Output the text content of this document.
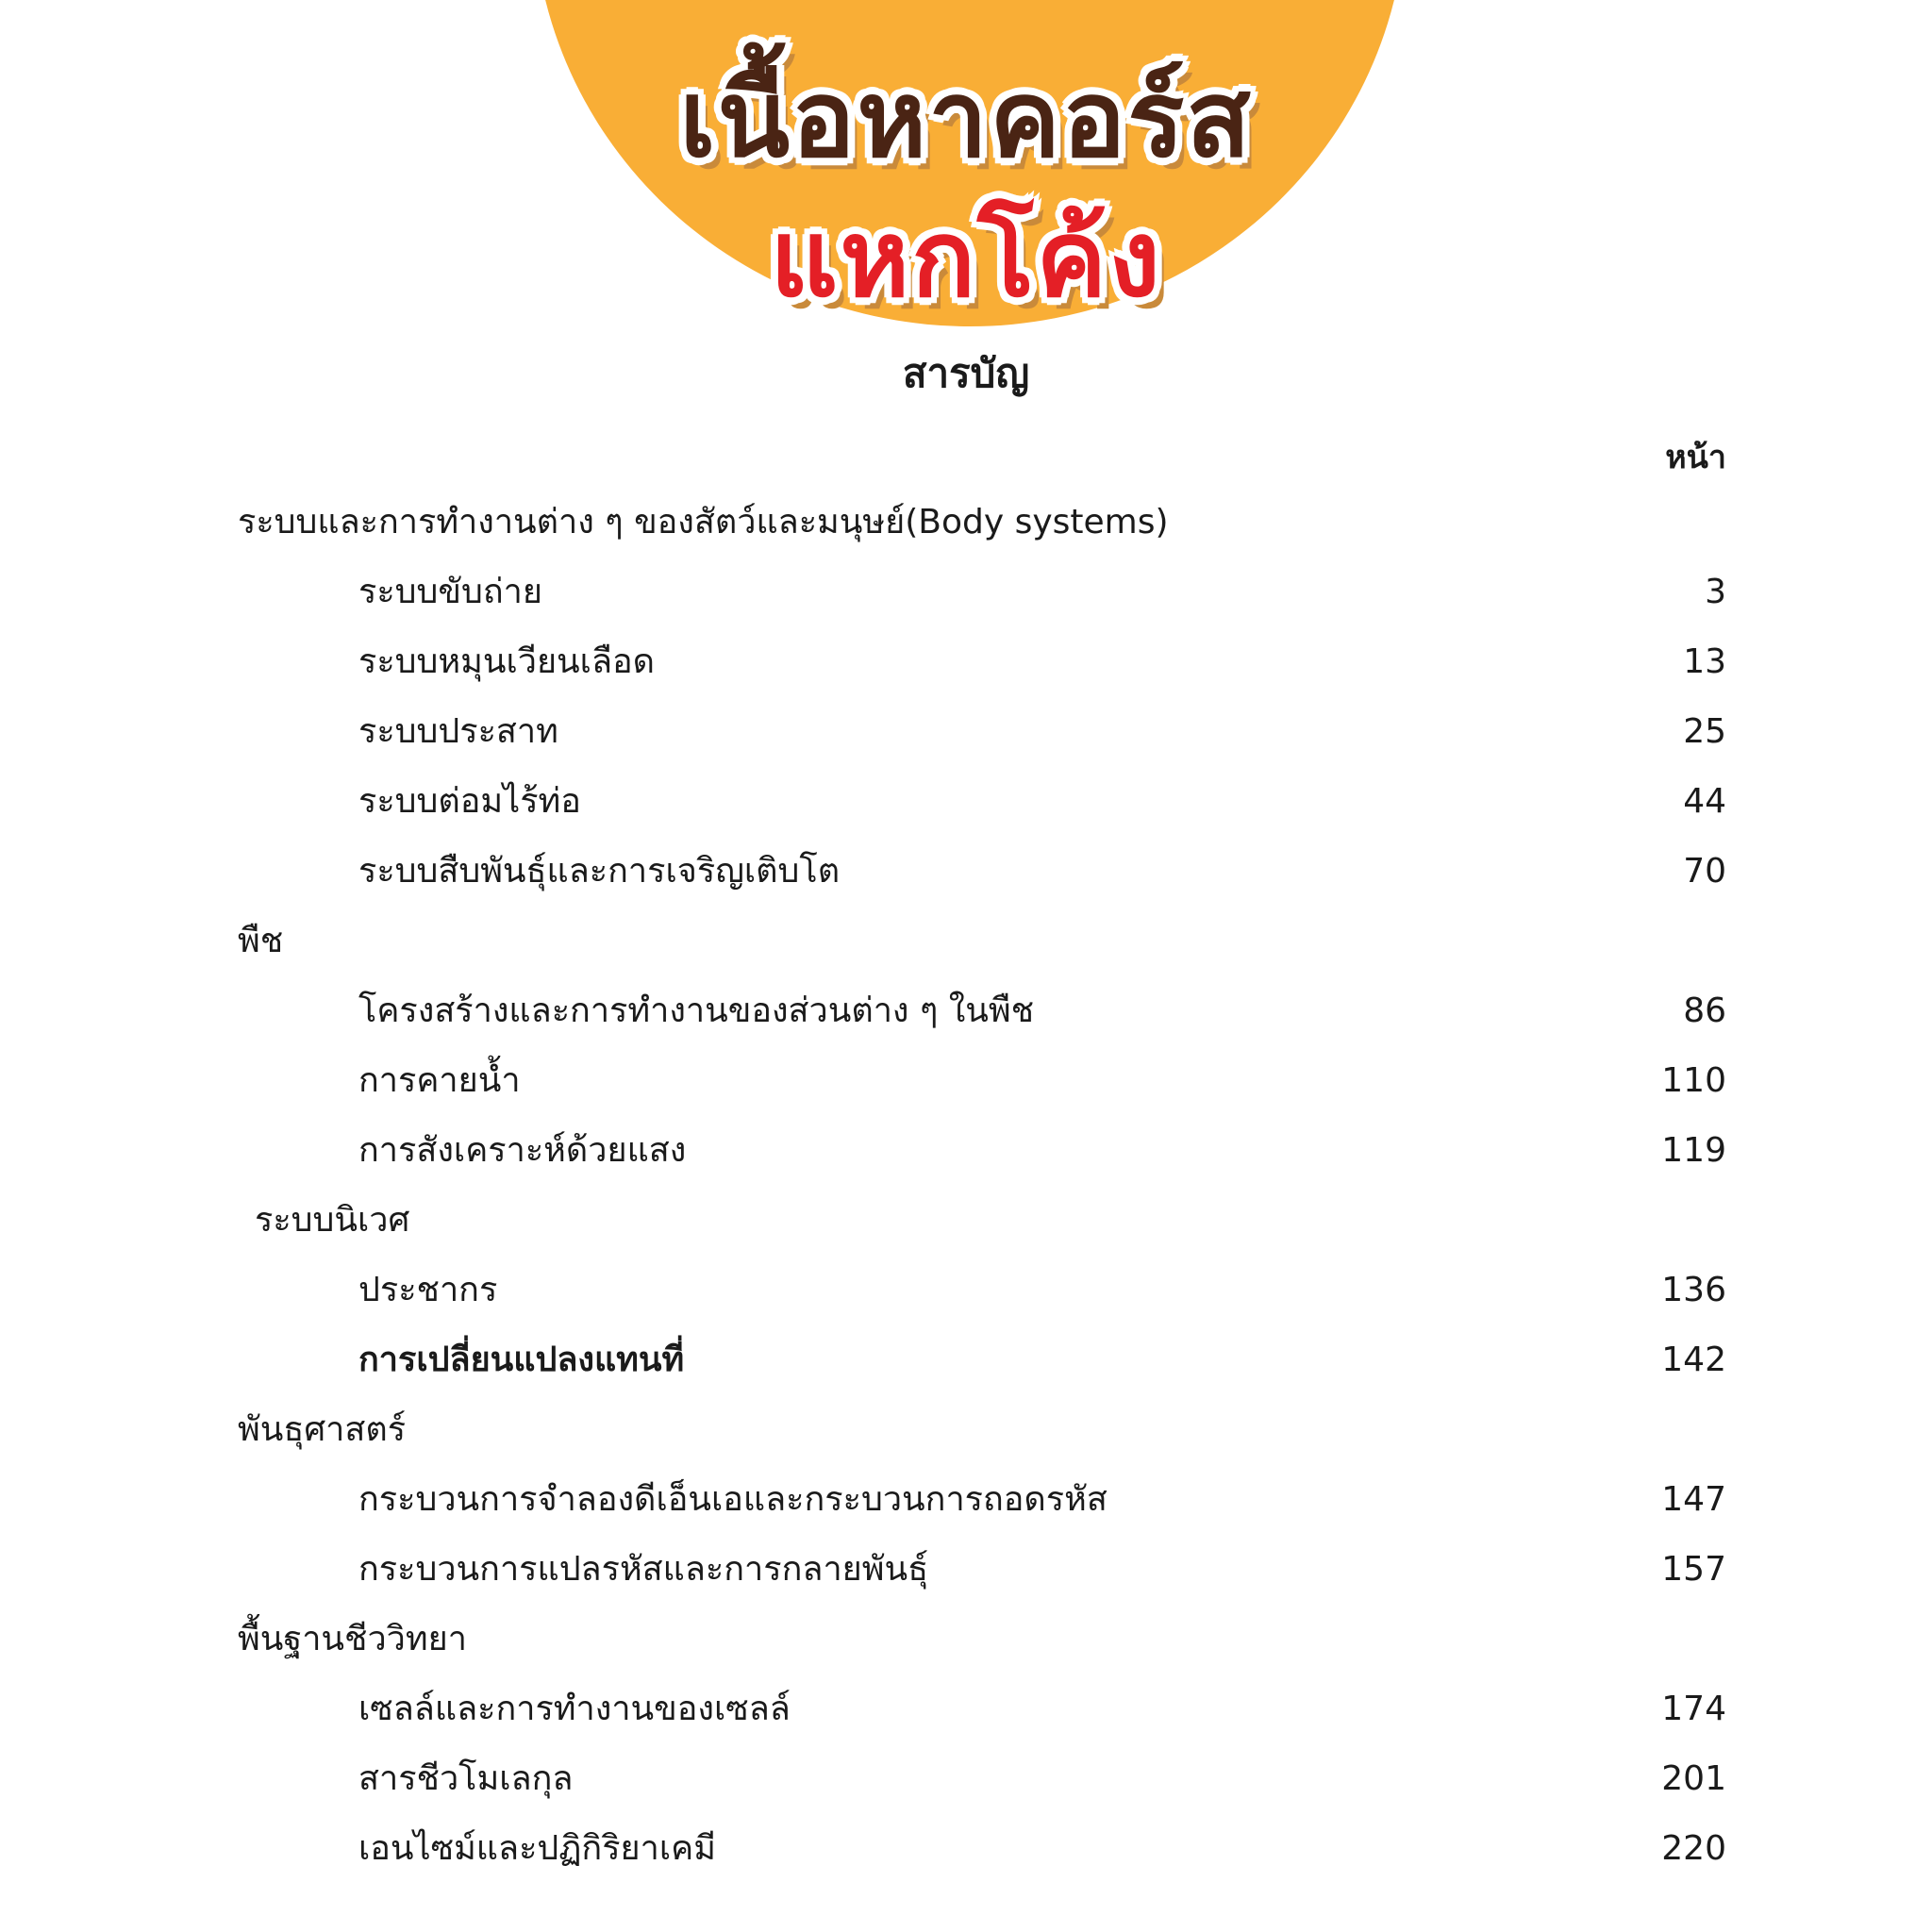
เนื้อหาคอร์ส
แหกโค้ง
สารบัญ
หน้า
ระบบและการทำงานต่าง ๆ ของสัตว์และมนุษย์(Body systems)
ระบบขับถ่าย	3
ระบบหมุนเวียนเลือด	13
ระบบประสาท	25
ระบบต่อมไร้ท่อ	44
ระบบสืบพันธุ์และการเจริญเติบโต	70
พืช
โครงสร้างและการทำงานของส่วนต่าง ๆ ในพืช	86
การคายน้ำ	110
การสังเคราะห์ด้วยแสง	119
ระบบนิเวศ
ประชากร	136
การเปลี่ยนแปลงแทนที่	142
พันธุศาสตร์
กระบวนการจำลองดีเอ็นเอและกระบวนการถอดรหัส	147
กระบวนการแปลรหัสและการกลายพันธุ์	157
พื้นฐานชีววิทยา
เซลล์และการทำงานของเซลล์	174
สารชีวโมเลกุล	201
เอนไซม์และปฏิกิริยาเคมี	220
